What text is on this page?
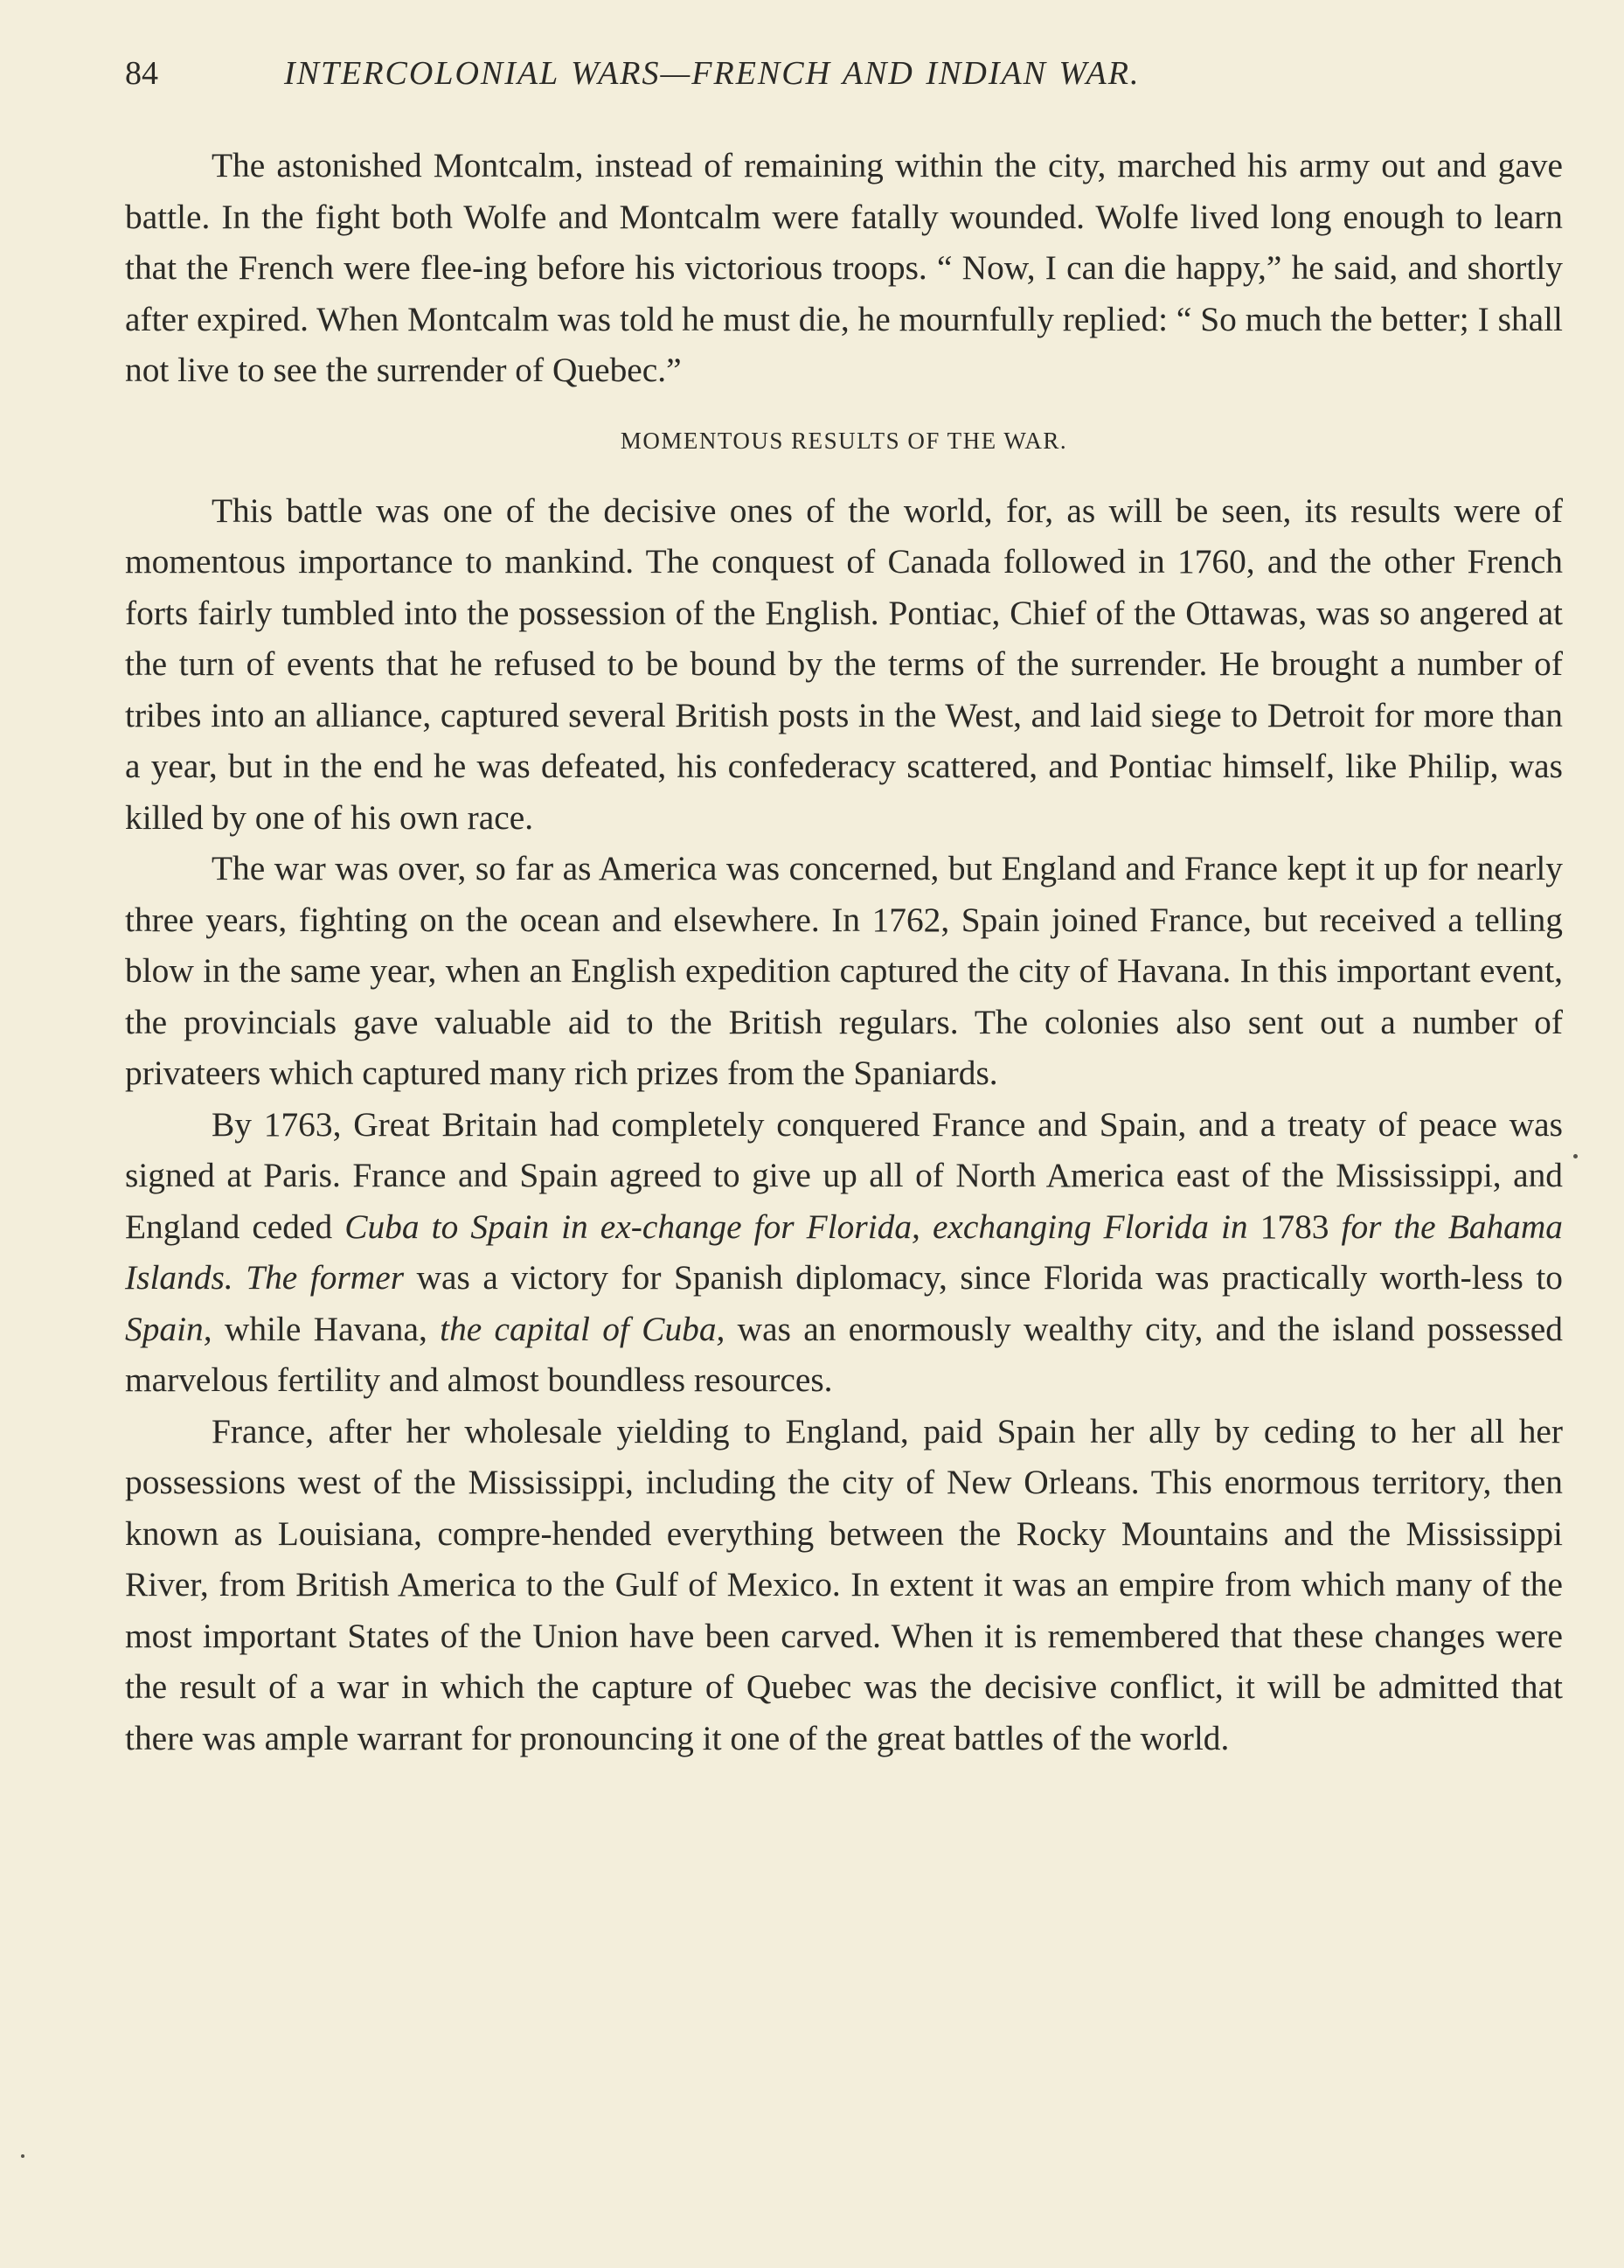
84	INTERCOLONIAL WARS—FRENCH AND INDIAN WAR.

The astonished Montcalm, instead of remaining within the city, marched his army out and gave battle. In the fight both Wolfe and Montcalm were fatally wounded. Wolfe lived long enough to learn that the French were flee-ing before his victorious troops. “ Now, I can die happy,” he said, and shortly after expired. When Montcalm was told he must die, he mournfully replied: “ So much the better; I shall not live to see the surrender of Quebec.”

MOMENTOUS RESULTS OF THE WAR.

This battle was one of the decisive ones of the world, for, as will be seen, its results were of momentous importance to mankind. The conquest of Canada followed in 1760, and the other French forts fairly tumbled into the possession of the English. Pontiac, Chief of the Ottawas, was so angered at the turn of events that he refused to be bound by the terms of the surrender. He brought a number of tribes into an alliance, captured several British posts in the West, and laid siege to Detroit for more than a year, but in the end he was defeated, his confederacy scattered, and Pontiac himself, like Philip, was killed by one of his own race.

The war was over, so far as America was concerned, but England and France kept it up for nearly three years, fighting on the ocean and elsewhere. In 1762, Spain joined France, but received a telling blow in the same year, when an English expedition captured the city of Havana. In this important event, the provincials gave valuable aid to the British regulars. The colonies also sent out a number of privateers which captured many rich prizes from the Spaniards.

By 1763, Great Britain had completely conquered France and Spain, and a treaty of peace was signed at Paris. France and Spain agreed to give up all of North America east of the Mississippi, and England ceded Cuba to Spain in ex-change for Florida, exchanging Florida in 1783 for the Bahama Islands. The former was a victory for Spanish diplomacy, since Florida was practically worth-less to Spain, while Havana, the capital of Cuba, was an enormously wealthy city, and the island possessed marvelous fertility and almost boundless resources.

France, after her wholesale yielding to England, paid Spain her ally by ceding to her all her possessions west of the Mississippi, including the city of New Orleans. This enormous territory, then known as Louisiana, compre-hended everything between the Rocky Mountains and the Mississippi River, from British America to the Gulf of Mexico. In extent it was an empire from which many of the most important States of the Union have been carved. When it is remembered that these changes were the result of a war in which the capture of Quebec was the decisive conflict, it will be admitted that there was ample warrant for pronouncing it one of the great battles of the world.
